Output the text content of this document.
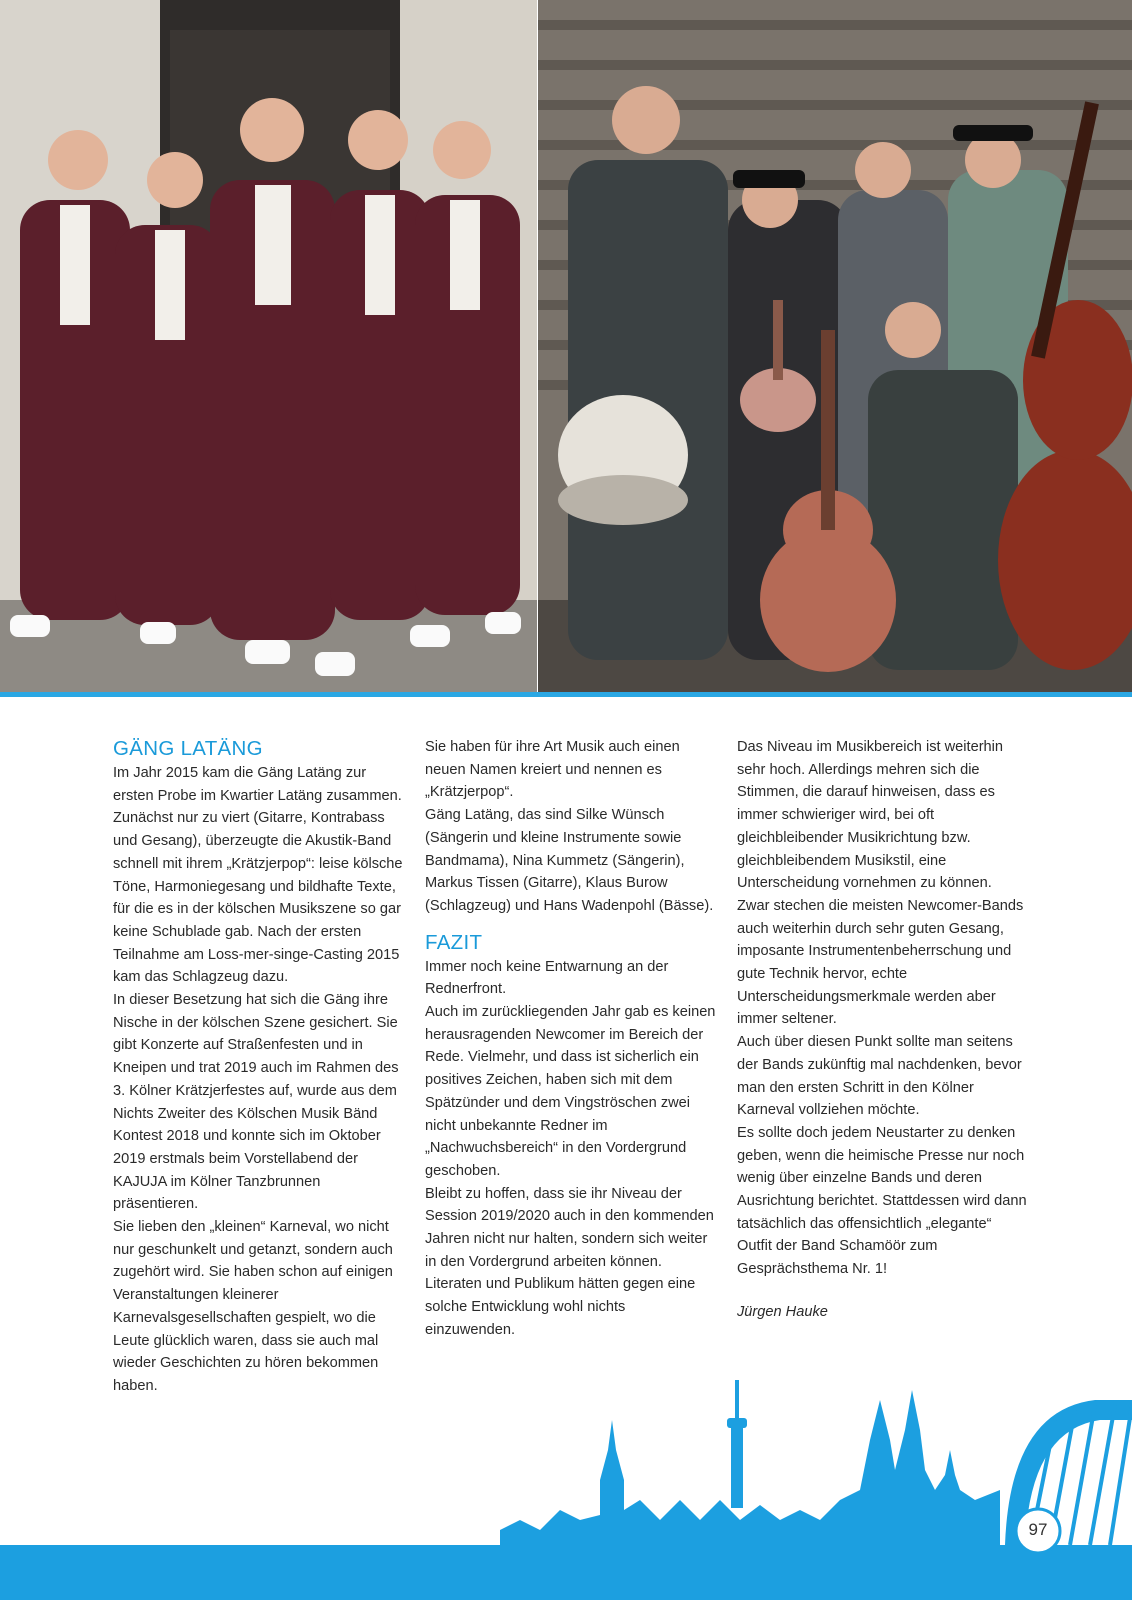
GÄNG LATÄNG

Im Jahr 2015 kam die Gäng Latäng zur ersten Probe im Kwartier Latäng zusammen. Zunächst nur zu viert (Gitarre, Kontrabass und Gesang), überzeugte die Akustik-Band schnell mit ihrem „Krätzjerpop“: leise kölsche Töne, Harmoniegesang und bildhafte Texte, für die es in der kölschen Musikszene so gar keine Schublade gab. Nach der ersten Teilnahme am Loss-mer-singe-Casting 2015 kam das Schlagzeug dazu.

In dieser Besetzung hat sich die Gäng ihre Nische in der kölschen Szene gesichert. Sie gibt Konzerte auf Straßenfesten und in Kneipen und trat 2019 auch im Rahmen des 3. Kölner Krätzjerfestes auf, wurde aus dem Nichts Zweiter des Kölschen Musik Bänd Kontest 2018 und konnte sich im Oktober 2019 erstmals beim Vorstellabend der KAJUJA im Kölner Tanzbrunnen präsentieren.

Sie lieben den „kleinen“ Karneval, wo nicht nur geschunkelt und getanzt, sondern auch zugehört wird. Sie haben schon auf einigen Veranstaltungen kleinerer Karnevalsgesellschaften gespielt, wo die Leute glücklich waren, dass sie auch mal wieder Geschichten zu hören bekommen haben.

Sie haben für ihre Art Musik auch einen neuen Namen kreiert und nennen es „Krätzjerpop“.

Gäng Latäng, das sind Silke Wünsch (Sängerin und kleine Instrumente sowie Bandmama), Nina Kummetz (Sängerin), Markus Tissen (Gitarre), Klaus Burow (Schlagzeug) und Hans Wadenpohl (Bässe).

FAZIT

Immer noch keine Entwarnung an der Rednerfront.

Auch im zurückliegenden Jahr gab es keinen herausragenden Newcomer im Bereich der Rede. Vielmehr, und dass ist sicherlich ein positives Zeichen, haben sich mit dem Spätzünder und dem Vingströschen zwei nicht unbekannte Redner im „Nachwuchsbereich“ in den Vordergrund geschoben.

Bleibt zu hoffen, dass sie ihr Niveau der Session 2019/2020 auch in den kommenden Jahren nicht nur halten, sondern sich weiter in den Vordergrund arbeiten können.

Literaten und Publikum hätten gegen eine solche Entwicklung wohl nichts einzuwenden.

Das Niveau im Musikbereich ist weiterhin sehr hoch. Allerdings mehren sich die Stimmen, die darauf hinweisen, dass es immer schwieriger wird, bei oft gleichbleibender Musikrichtung bzw. gleichbleibendem Musikstil, eine Unterscheidung vornehmen zu können.

Zwar stechen die meisten Newcomer-Bands auch weiterhin durch sehr guten Gesang, imposante Instrumentenbeherrschung und gute Technik hervor, echte Unterscheidungsmerkmale werden aber immer seltener.

Auch über diesen Punkt sollte man seitens der Bands zukünftig mal nachdenken, bevor man den ersten Schritt in den Kölner Karneval vollziehen möchte.

Es sollte doch jedem Neustarter zu denken geben, wenn die heimische Presse nur noch wenig über einzelne Bands und deren Ausrichtung berichtet. Stattdessen wird dann tatsächlich das offensichtlich „elegante“ Outfit der Band Schamöör zum Gesprächsthema Nr. 1!

Jürgen Hauke

97
